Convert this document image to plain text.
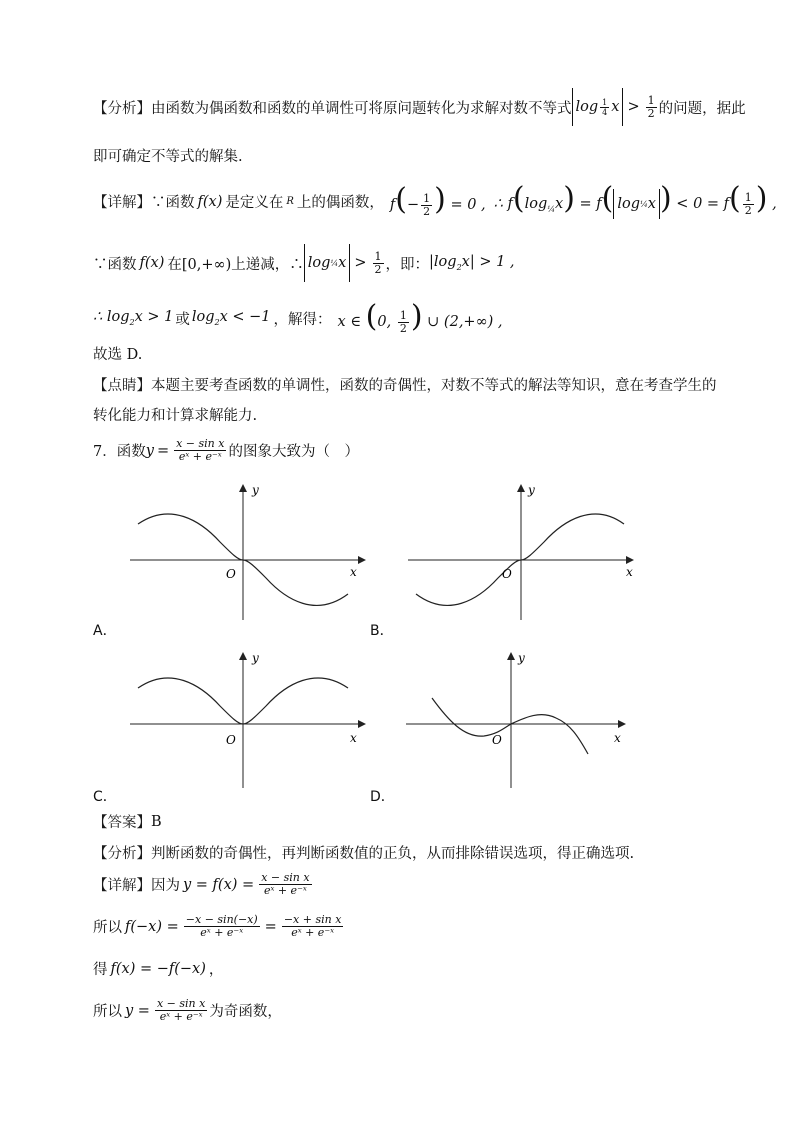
【分析】 由函数为偶函数和函数的单调性可将原问题转化为求解对数不等式 $\log \frac{1}{4}$ $x > \frac{1}{2}$ 的问题，据此
即可确定不等式的解集.
【详解】 ∵函数 f(x) 是定义在 R 上的偶函数， $f(- \frac{1}{2}$ ) = 0 , ∴ $f(\log_{\frac{1}{4}}x) = f$( log ¼ x ) < $0 = f( \frac{1}{2}$ ) ,
∵函数 f(x) 在[0,+∞)上递减，∴ log ¼ $x > \frac{1}{2}$ ，即： $|\log_2x| > 1$ ,
∴ $\log_2x > 1$ 或 $\log_2x < -1$ ，解得： x ∈ (0, $\frac{1}{2}$ ) ∪ (2,+∞) ,
故选 D.
【点睛】 本题主要考查函数的单调性，函数的奇偶性，对数不等式的解法等知识，意在考查学生的
转化能力和计算求解能力.
7．函数 $y = \frac{\text{x − sin x}}{\text{eˣ + e⁻ˣ}}$ 的图象大致为（　）
y
x
O
A．
y
x
O
B．
y
x
O
C．
y
x
O
D．
【答案】 B
【分析】 判断函数的奇偶性，再判断函数值的正负，从而排除错误选项，得正确选项.
【详解】 因为 $y = f(x) = \frac{\text{x − sin x}}{\text{eˣ + e⁻ˣ}}$
所以 $f(-x) = \frac{-x - \sin(-x)}{\text{eˣ + e⁻ˣ}} = \frac{\text{−x + sin x}}{\text{eˣ + e⁻ˣ}}$
得 f(x) = −f(−x) ，
所以 $y = \frac{\text{x − sin x}}{\text{eˣ + e⁻ˣ}}$ 为奇函数，
